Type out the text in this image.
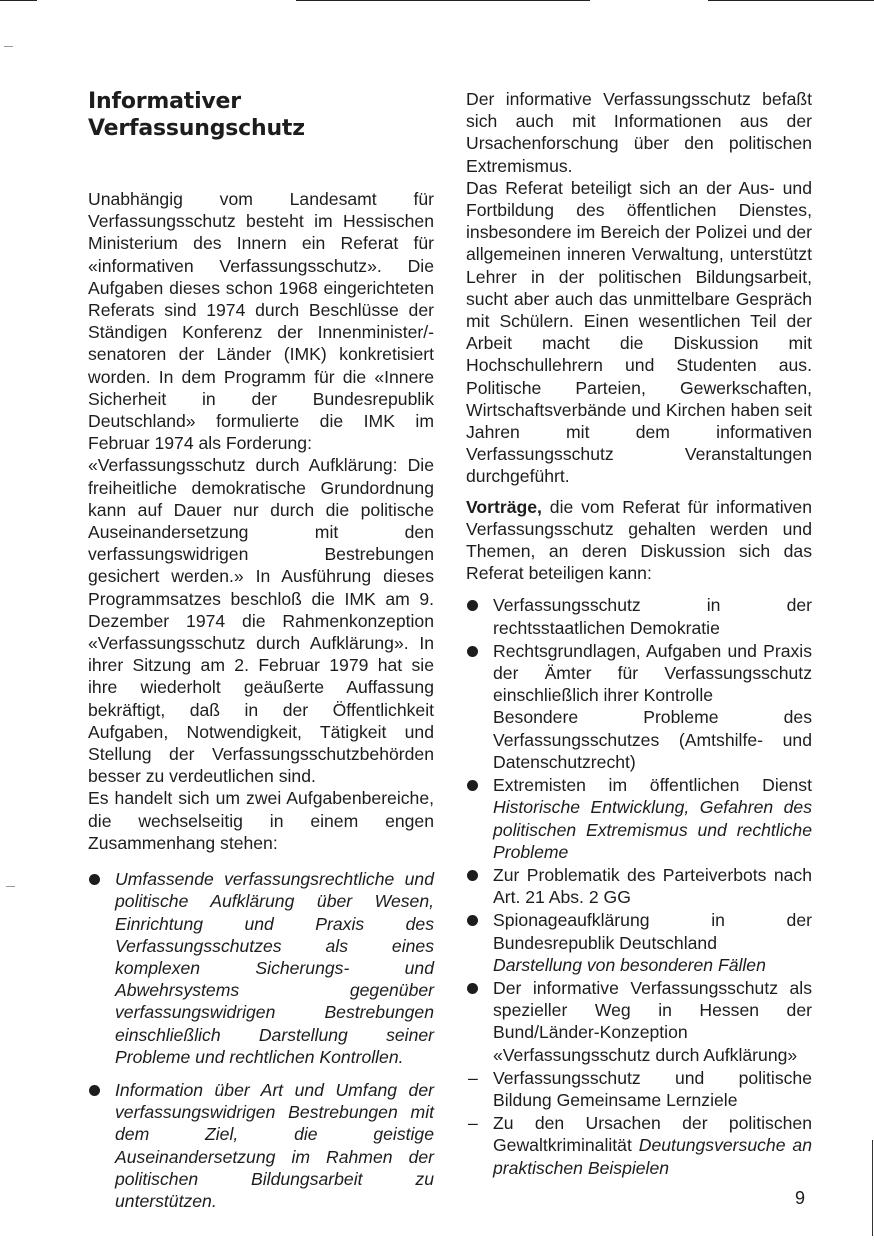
Informativer
Verfassungschutz

Unabhängig vom Landesamt für Verfassungsschutz besteht im Hessischen Ministerium des Innern ein Referat für «informativen Verfassungsschutz». Die Aufgaben dieses schon 1968 eingerichteten Referats sind 1974 durch Beschlüsse der Ständigen Konferenz der Innenminister/-senatoren der Länder (IMK) konkretisiert worden. In dem Programm für die «Innere Sicherheit in der Bundesrepublik Deutschland» formulierte die IMK im Februar 1974 als Forderung:

«Verfassungsschutz durch Aufklärung: Die freiheitliche demokratische Grundordnung kann auf Dauer nur durch die politische Auseinandersetzung mit den verfassungswidrigen Bestrebungen gesichert werden.» In Ausführung dieses Programmsatzes beschloß die IMK am 9. Dezember 1974 die Rahmenkonzeption «Verfassungsschutz durch Aufklärung». In ihrer Sitzung am 2. Februar 1979 hat sie ihre wiederholt geäußerte Auffassung bekräftigt, daß in der Öffentlichkeit Aufgaben, Notwendigkeit, Tätigkeit und Stellung der Verfassungsschutzbehörden besser zu verdeutlichen sind.

Es handelt sich um zwei Aufgabenbereiche, die wechselseitig in einem engen Zusammenhang stehen:

Umfassende verfassungsrechtliche und politische Aufklärung über Wesen, Einrichtung und Praxis des Verfassungsschutzes als eines komplexen Sicherungs- und Abwehrsystems gegenüber verfassungswidrigen Bestrebungen einschließlich Darstellung seiner Probleme und rechtlichen Kontrollen.
Information über Art und Umfang der verfassungswidrigen Bestrebungen mit dem Ziel, die geistige Auseinandersetzung im Rahmen der politischen Bildungsarbeit zu unterstützen.

Der informative Verfassungsschutz befaßt sich auch mit Informationen aus der Ursachenforschung über den politischen Extremismus.

Das Referat beteiligt sich an der Aus- und Fortbildung des öffentlichen Dienstes, insbesondere im Bereich der Polizei und der allgemeinen inneren Verwaltung, unterstützt Lehrer in der politischen Bildungsarbeit, sucht aber auch das unmittelbare Gespräch mit Schülern. Einen wesentlichen Teil der Arbeit macht die Diskussion mit Hochschullehrern und Studenten aus. Politische Parteien, Gewerkschaften, Wirtschaftsverbände und Kirchen haben seit Jahren mit dem informativen Verfassungsschutz Veranstaltungen durchgeführt.

Vorträge, die vom Referat für informativen Verfassungsschutz gehalten werden und Themen, an deren Diskussion sich das Referat beteiligen kann:

Verfassungsschutz in der rechtsstaatlichen Demokratie
Rechtsgrundlagen, Aufgaben und Praxis der Ämter für Verfassungsschutz einschließlich ihrer Kontrolle
Besondere Probleme des Verfassungsschutzes (Amtshilfe- und Datenschutzrecht)
Extremisten im öffentlichen Dienst Historische Entwicklung, Gefahren des politischen Extremismus und rechtliche Probleme
Zur Problematik des Parteiverbots nach Art. 21 Abs. 2 GG
Spionageaufklärung in der Bundesrepublik Deutschland
Darstellung von besonderen Fällen
Der informative Verfassungsschutz als spezieller Weg in Hessen der Bund/Länder-Konzeption «Verfassungsschutz durch Aufklärung»
– Verfassungsschutz und politische Bildung Gemeinsame Lernziele
– Zu den Ursachen der politischen Gewaltkriminalität Deutungsversuche an praktischen Beispielen
9
